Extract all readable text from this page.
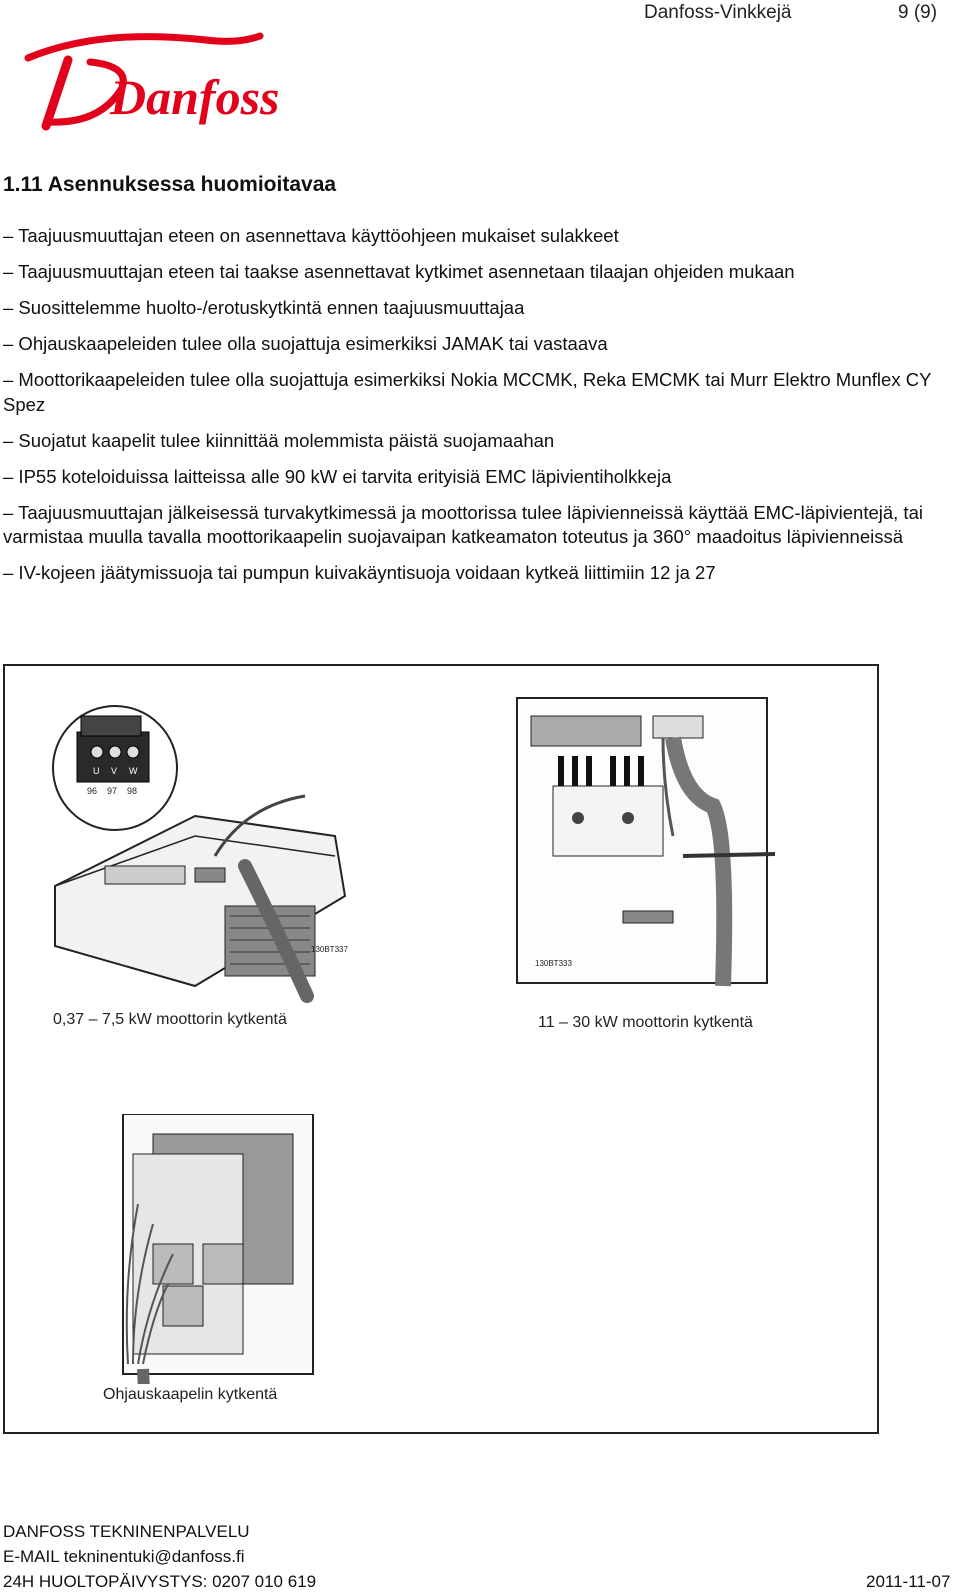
Danfoss-Vinkkejä	9 (9)
Danfoss
1.11 Asennuksessa huomioitavaa
– Taajuusmuuttajan eteen on asennettava käyttöohjeen mukaiset sulakkeet
– Taajuusmuuttajan eteen tai taakse asennettavat kytkimet asennetaan tilaajan ohjeiden mukaan
– Suosittelemme huolto-/erotuskytkintä ennen taajuusmuuttajaa
– Ohjauskaapeleiden tulee olla suojattuja esimerkiksi JAMAK tai vastaava
– Moottorikaapeleiden tulee olla suojattuja esimerkiksi Nokia MCCMK, Reka EMCMK tai Murr Elektro Munflex CY Spez
– Suojatut kaapelit tulee kiinnittää molemmista päistä suojamaahan
– IP55 koteloiduissa laitteissa alle 90 kW ei tarvita erityisiä EMC läpivientiholkkeja
– Taajuusmuuttajan jälkeisessä turvakytkimessä ja moottorissa tulee läpivienneissä käyttää EMC-läpivientejä, tai varmistaa muulla tavalla moottorikaapelin suojavaipan katkeamaton toteutus ja 360° maadoitus läpivienneissä
– IV-kojeen jäätymissuoja tai pumpun kuivakäyntisuoja voidaan kytkeä liittimiin 12 ja 27
U V W
96 97 98
130BT337
0,37 – 7,5 kW moottorin kytkentä
130BT333
11 – 30 kW moottorin kytkentä
Ohjauskaapelin kytkentä
DANFOSS TEKNINENPALVELU
E-MAIL tekninentuki@danfoss.fi
24H HUOLTOPÄIVYSTYS: 0207 010 619	2011-11-07
